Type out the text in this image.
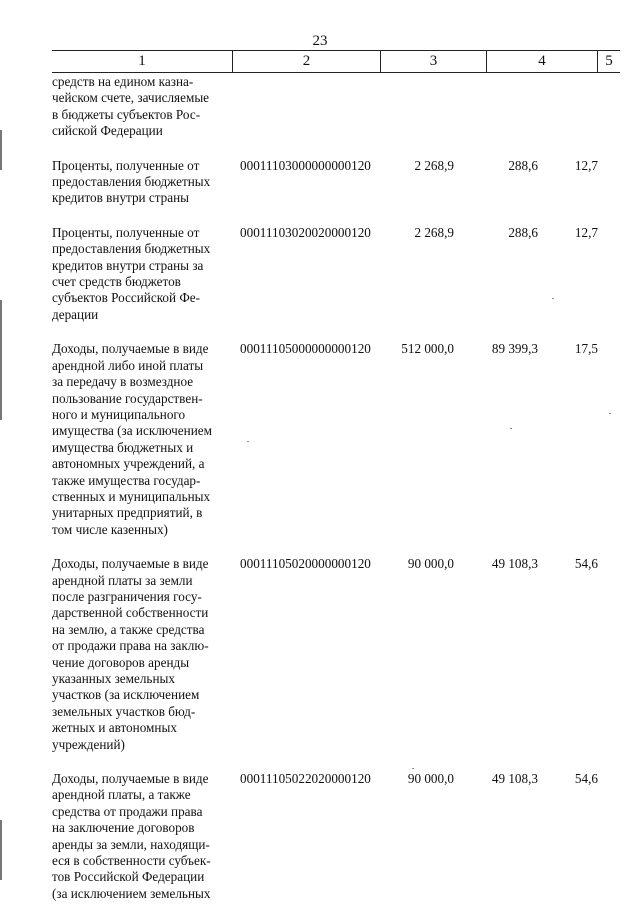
23
1	2	3	4	5
средств на едином казна-
чейском счете, зачисляемые
в бюджеты субъектов Рос-
сийской Федерации
Проценты, полученные от
предоставления бюджетных
кредитов внутри страны
00011103000000000120	2 268,9	288,6	12,7
Проценты, полученные от
предоставления бюджетных
кредитов внутри страны за
счет средств бюджетов
субъектов Российской Фе-
дерации
00011103020020000120	2 268,9	288,6	12,7
Доходы, получаемые в виде
арендной либо иной платы
за передачу в возмездное
пользование государствен-
ного и муниципального
имущества (за исключением
имущества бюджетных и
автономных учреждений, а
также имущества государ-
ственных и муниципальных
унитарных предприятий, в
том числе казенных)
00011105000000000120	512 000,0	89 399,3	17,5
Доходы, получаемые в виде
арендной платы за земли
после разграничения госу-
дарственной собственности
на землю, а также средства
от продажи права на заклю-
чение договоров аренды
указанных земельных
участков (за исключением
земельных участков бюд-
жетных и автономных
учреждений)
00011105020000000120	90 000,0	49 108,3	54,6
Доходы, получаемые в виде
арендной платы, а также
средства от продажи права
на заключение договоров
аренды за земли, находящи-
еся в собственности субъек-
тов Российской Федерации
(за исключением земельных
00011105022020000120	90 000,0	49 108,3	54,6
